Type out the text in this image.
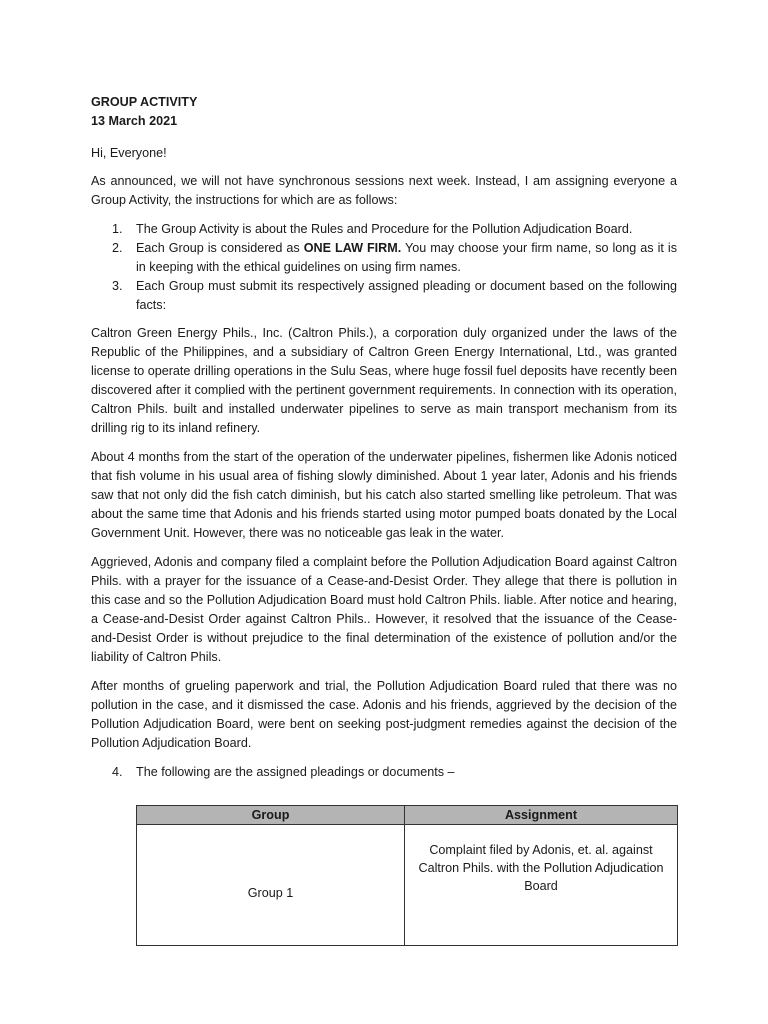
GROUP ACTIVITY
13 March 2021

Hi, Everyone!

As announced, we will not have synchronous sessions next week. Instead, I am assigning everyone a Group Activity, the instructions for which are as follows:

1. The Group Activity is about the Rules and Procedure for the Pollution Adjudication Board.
2. Each Group is considered as ONE LAW FIRM. You may choose your firm name, so long as it is in keeping with the ethical guidelines on using firm names.
3. Each Group must submit its respectively assigned pleading or document based on the following facts:

Caltron Green Energy Phils., Inc. (Caltron Phils.), a corporation duly organized under the laws of the Republic of the Philippines, and a subsidiary of Caltron Green Energy International, Ltd., was granted license to operate drilling operations in the Sulu Seas, where huge fossil fuel deposits have recently been discovered after it complied with the pertinent government requirements. In connection with its operation, Caltron Phils. built and installed underwater pipelines to serve as main transport mechanism from its drilling rig to its inland refinery.

About 4 months from the start of the operation of the underwater pipelines, fishermen like Adonis noticed that fish volume in his usual area of fishing slowly diminished. About 1 year later, Adonis and his friends saw that not only did the fish catch diminish, but his catch also started smelling like petroleum. That was about the same time that Adonis and his friends started using motor pumped boats donated by the Local Government Unit. However, there was no noticeable gas leak in the water.

Aggrieved, Adonis and company filed a complaint before the Pollution Adjudication Board against Caltron Phils. with a prayer for the issuance of a Cease-and-Desist Order. They allege that there is pollution in this case and so the Pollution Adjudication Board must hold Caltron Phils. liable. After notice and hearing, a Cease-and-Desist Order against Caltron Phils.. However, it resolved that the issuance of the Cease-and-Desist Order is without prejudice to the final determination of the existence of pollution and/or the liability of Caltron Phils.

After months of grueling paperwork and trial, the Pollution Adjudication Board ruled that there was no pollution in the case, and it dismissed the case. Adonis and his friends, aggrieved by the decision of the Pollution Adjudication Board, were bent on seeking post-judgment remedies against the decision of the Pollution Adjudication Board.

4. The following are the assigned pleadings or documents –
Group	Assignment
Group 1	Complaint filed by Adonis, et. al. against Caltron Phils. with the Pollution Adjudication Board
